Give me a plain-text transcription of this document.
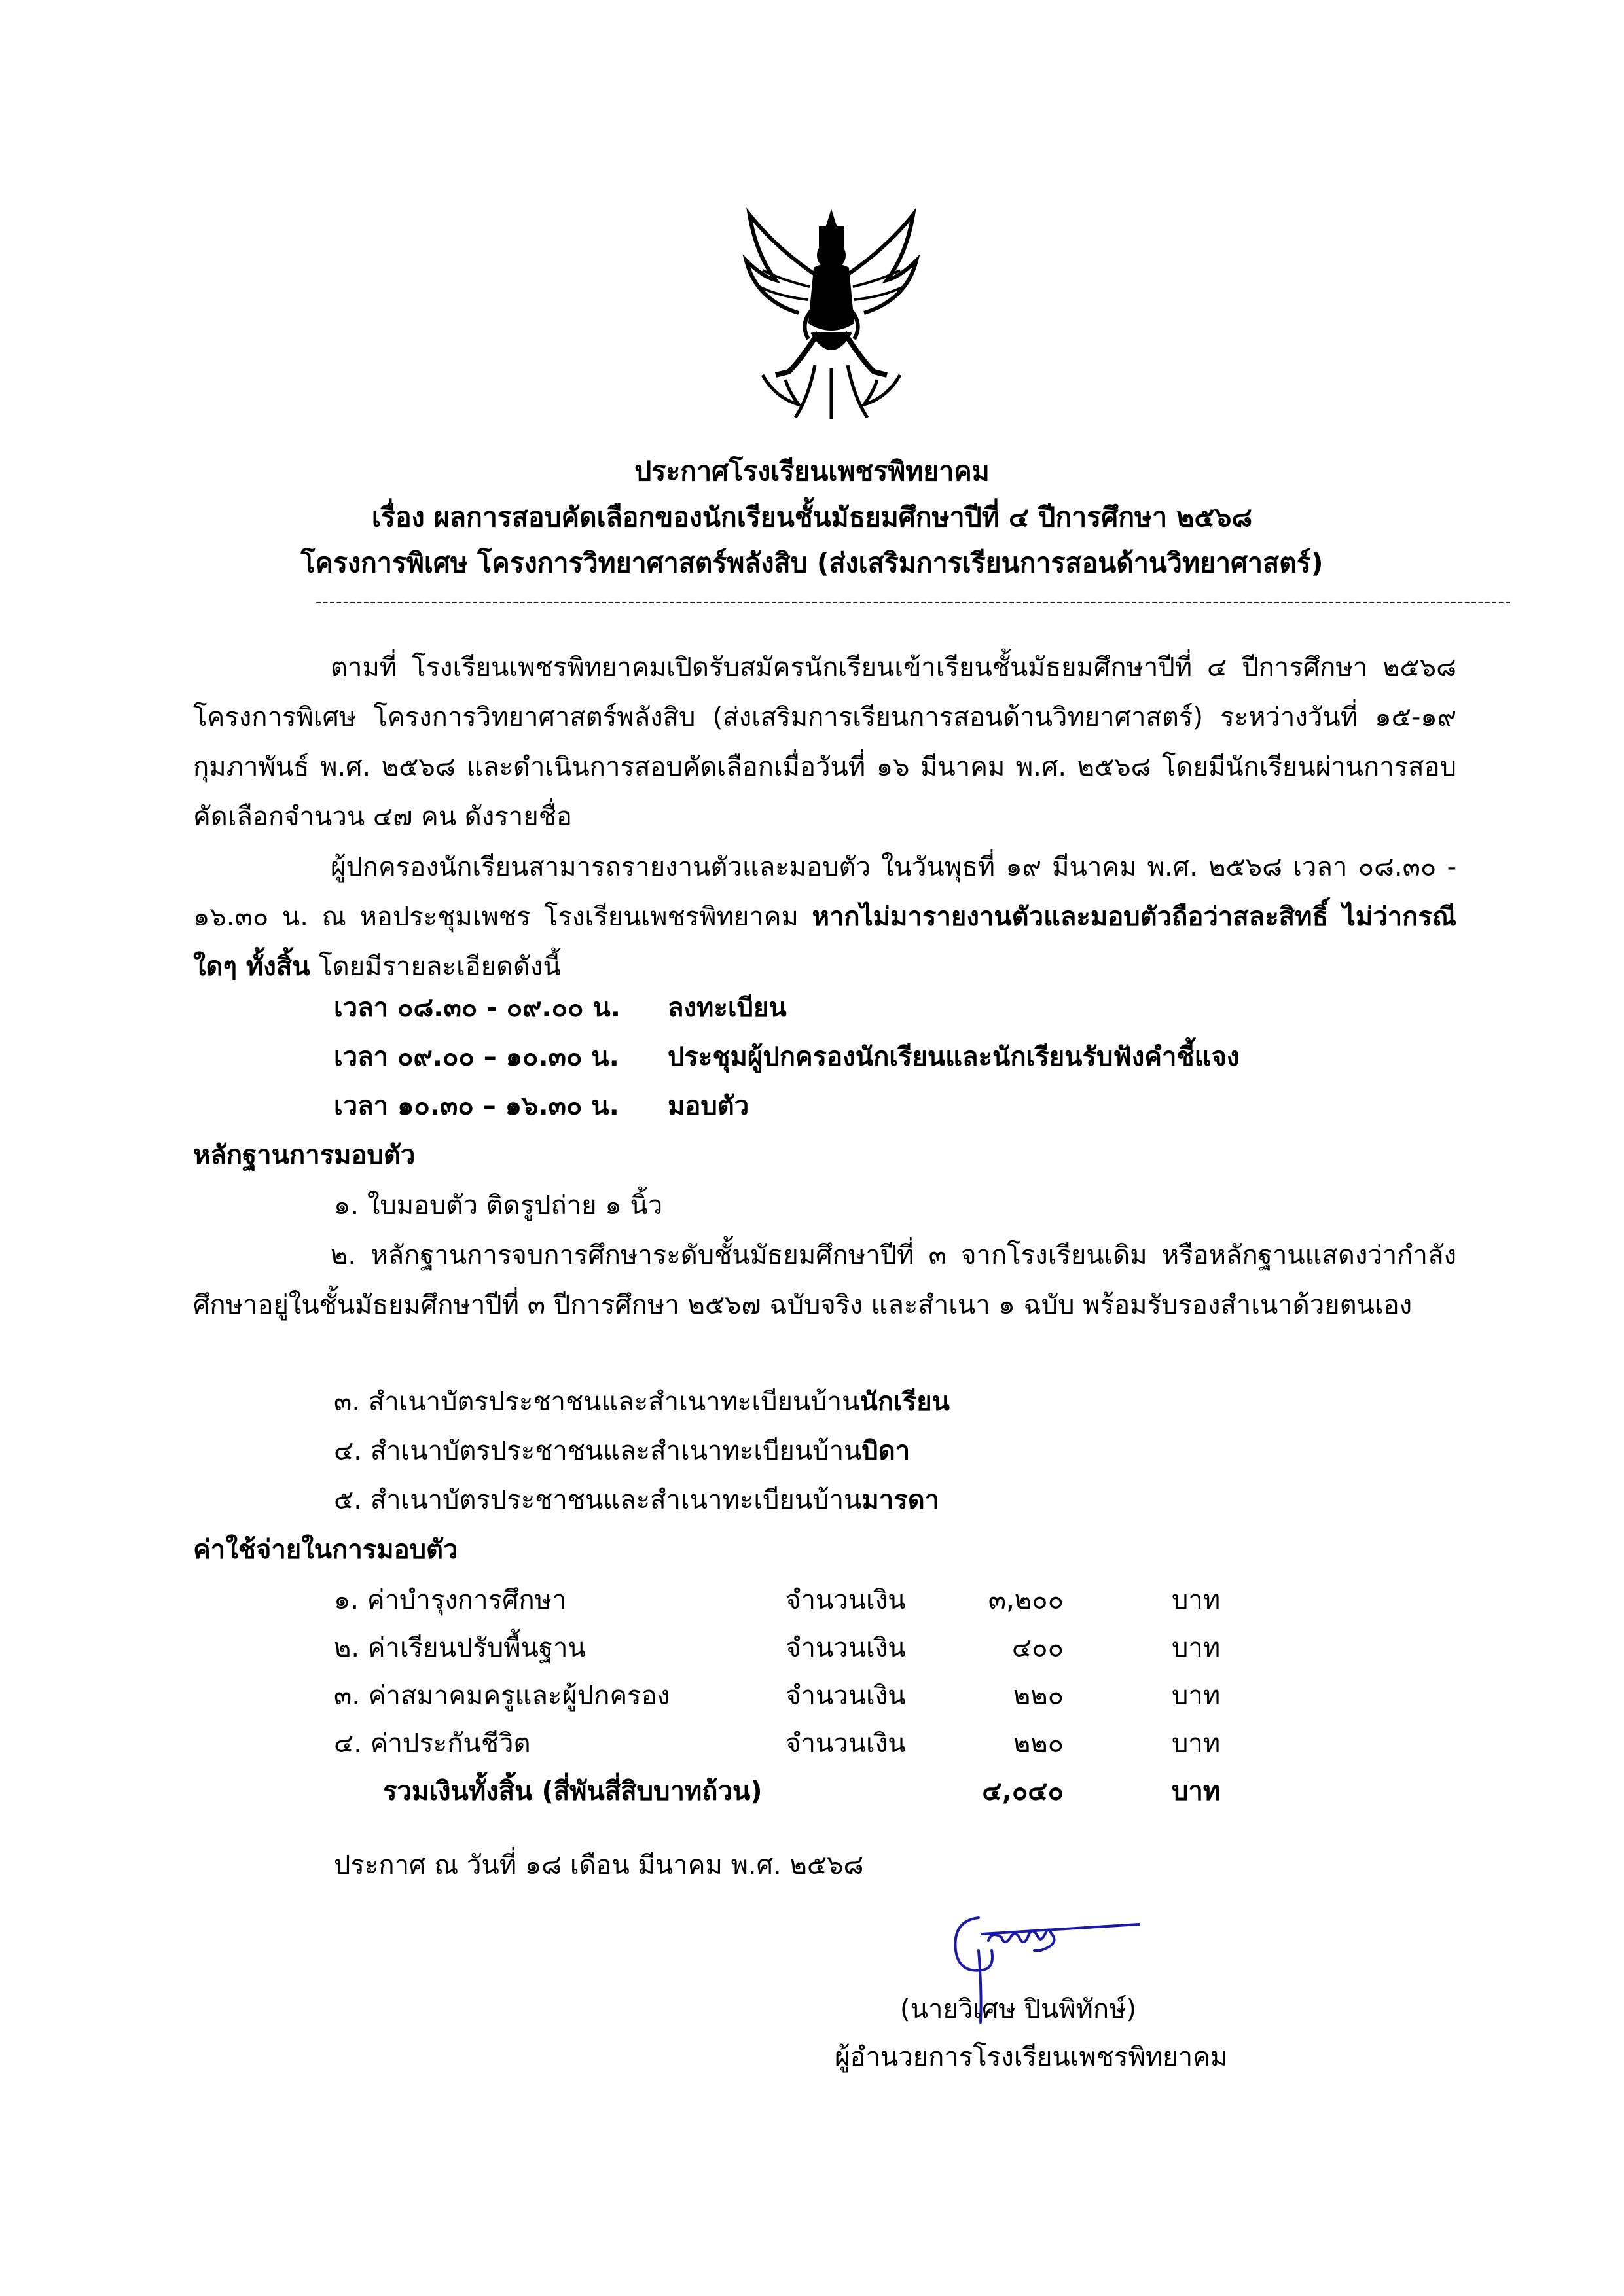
ประกาศโรงเรียนเพชรพิทยาคม
เรื่อง ผลการสอบคัดเลือกของนักเรียนชั้นมัธยมศึกษาปีที่ ๔ ปีการศึกษา ๒๕๖๘
โครงการพิเศษ โครงการวิทยาศาสตร์พลังสิบ (ส่งเสริมการเรียนการสอนด้านวิทยาศาสตร์)
--------------------------------------------------------------------------------------------------------------------------------------------------------------------------------
ตามที่ โรงเรียนเพชรพิทยาคมเปิดรับสมัครนักเรียนเข้าเรียนชั้นมัธยมศึกษาปีที่ ๔ ปีการศึกษา ๒๕๖๘ โครงการพิเศษ โครงการวิทยาศาสตร์พลังสิบ (ส่งเสริมการเรียนการสอนด้านวิทยาศาสตร์) ระหว่างวันที่ ๑๕-๑๙ กุมภาพันธ์ พ.ศ. ๒๕๖๘ และดำเนินการสอบคัดเลือกเมื่อวันที่ ๑๖ มีนาคม พ.ศ. ๒๕๖๘ โดยมีนักเรียนผ่านการสอบคัดเลือกจำนวน ๔๗ คน ดังรายชื่อ
ผู้ปกครองนักเรียนสามารถรายงานตัวและมอบตัว ในวันพุธที่ ๑๙ มีนาคม พ.ศ. ๒๕๖๘ เวลา ๐๘.๓๐ - ๑๖.๓๐ น. ณ หอประชุมเพชร โรงเรียนเพชรพิทยาคม หากไม่มารายงานตัวและมอบตัวถือว่าสละสิทธิ์ ไม่ว่ากรณีใดๆ ทั้งสิ้น โดยมีรายละเอียดดังนี้
เวลา ๐๘.๓๐ - ๐๙.๐๐ น. ลงทะเบียน
เวลา ๐๙.๐๐ – ๑๐.๓๐ น. ประชุมผู้ปกครองนักเรียนและนักเรียนรับฟังคำชี้แจง
เวลา ๑๐.๓๐ – ๑๖.๓๐ น. มอบตัว
หลักฐานการมอบตัว
๑. ใบมอบตัว ติดรูปถ่าย ๑ นิ้ว
๒. หลักฐานการจบการศึกษาระดับชั้นมัธยมศึกษาปีที่ ๓ จากโรงเรียนเดิม หรือหลักฐานแสดงว่ากำลังศึกษาอยู่ในชั้นมัธยมศึกษาปีที่ ๓ ปีการศึกษา ๒๕๖๗ ฉบับจริง และสำเนา ๑ ฉบับ พร้อมรับรองสำเนาด้วยตนเอง
๓. สำเนาบัตรประชาชนและสำเนาทะเบียนบ้านนักเรียน
๔. สำเนาบัตรประชาชนและสำเนาทะเบียนบ้านบิดา
๕. สำเนาบัตรประชาชนและสำเนาทะเบียนบ้านมารดา
ค่าใช้จ่ายในการมอบตัว
๑. ค่าบำรุงการศึกษา	จำนวนเงิน	๓,๒๐๐	บาท
๒. ค่าเรียนปรับพื้นฐาน	จำนวนเงิน	๔๐๐	บาท
๓. ค่าสมาคมครูและผู้ปกครอง	จำนวนเงิน	๒๒๐	บาท
๔. ค่าประกันชีวิต	จำนวนเงิน	๒๒๐	บาท
รวมเงินทั้งสิ้น (สี่พันสี่สิบบาทถ้วน)	๔,๐๔๐	บาท
ประกาศ ณ วันที่ ๑๘ เดือน มีนาคม พ.ศ. ๒๕๖๘
(นายวิเศษ ปินพิทักษ์)
ผู้อำนวยการโรงเรียนเพชรพิทยาคม
